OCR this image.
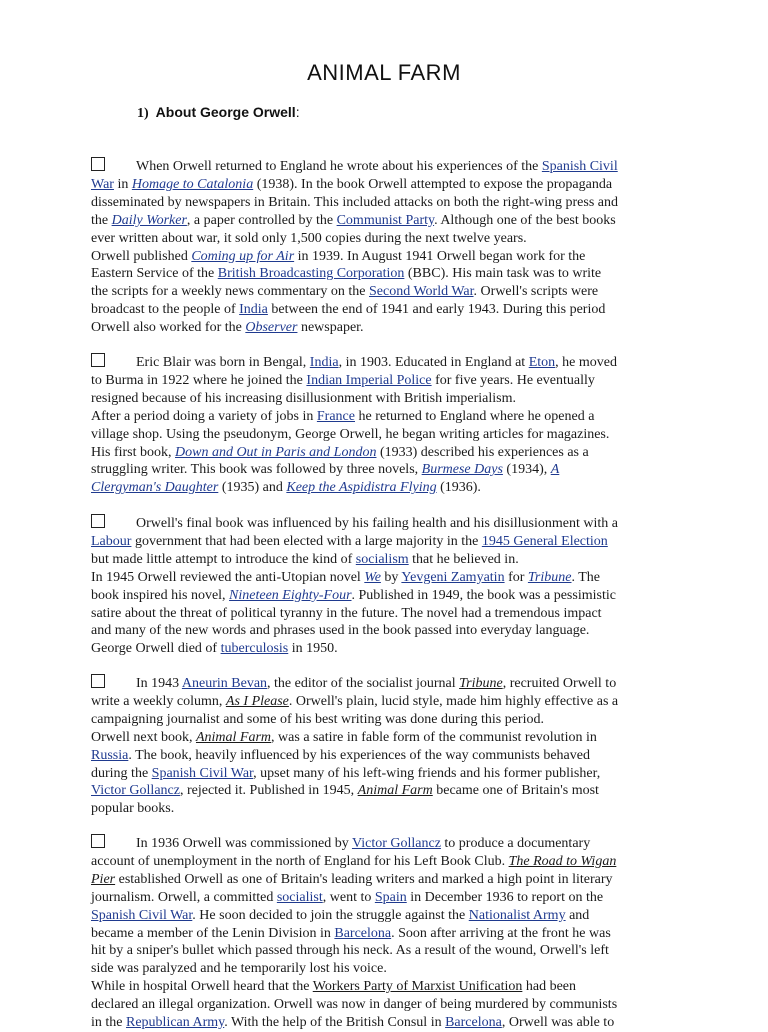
ANIMAL FARM
1) About George Orwell:
When Orwell returned to England he wrote about his experiences of the Spanish Civil
War in Homage to Catalonia (1938). In the book Orwell attempted to expose the propaganda
disseminated by newspapers in Britain. This included attacks on both the right-wing press and
the Daily Worker, a paper controlled by the Communist Party. Although one of the best books
ever written about war, it sold only 1,500 copies during the next twelve years.
Orwell published Coming up for Air in 1939. In August 1941 Orwell began work for the
Eastern Service of the British Broadcasting Corporation (BBC). His main task was to write
the scripts for a weekly news commentary on the Second World War. Orwell's scripts were
broadcast to the people of India between the end of 1941 and early 1943. During this period
Orwell also worked for the Observer newspaper.
Eric Blair was born in Bengal, India, in 1903. Educated in England at Eton, he moved
to Burma in 1922 where he joined the Indian Imperial Police for five years. He eventually
resigned because of his increasing disillusionment with British imperialism.
After a period doing a variety of jobs in France he returned to England where he opened a
village shop. Using the pseudonym, George Orwell, he began writing articles for magazines.
His first book, Down and Out in Paris and London (1933) described his experiences as a
struggling writer. This book was followed by three novels, Burmese Days (1934), A
Clergyman's Daughter (1935) and Keep the Aspidistra Flying (1936).
Orwell's final book was influenced by his failing health and his disillusionment with a
Labour government that had been elected with a large majority in the 1945 General Election
but made little attempt to introduce the kind of socialism that he believed in.
In 1945 Orwell reviewed the anti-Utopian novel We by Yevgeni Zamyatin for Tribune. The
book inspired his novel, Nineteen Eighty-Four. Published in 1949, the book was a pessimistic
satire about the threat of political tyranny in the future. The novel had a tremendous impact
and many of the new words and phrases used in the book passed into everyday language.
George Orwell died of tuberculosis in 1950.
In 1943 Aneurin Bevan, the editor of the socialist journal Tribune, recruited Orwell to
write a weekly column, As I Please. Orwell's plain, lucid style, made him highly effective as a
campaigning journalist and some of his best writing was done during this period.
Orwell next book, Animal Farm, was a satire in fable form of the communist revolution in
Russia. The book, heavily influenced by his experiences of the way communists behaved
during the Spanish Civil War, upset many of his left-wing friends and his former publisher,
Victor Gollancz, rejected it. Published in 1945, Animal Farm became one of Britain's most
popular books.
In 1936 Orwell was commissioned by Victor Gollancz to produce a documentary
account of unemployment in the north of England for his Left Book Club. The Road to Wigan
Pier established Orwell as one of Britain's leading writers and marked a high point in literary
journalism. Orwell, a committed socialist, went to Spain in December 1936 to report on the
Spanish Civil War. He soon decided to join the struggle against the Nationalist Army and
became a member of the Lenin Division in Barcelona. Soon after arriving at the front he was
hit by a sniper's bullet which passed through his neck. As a result of the wound, Orwell's left
side was paralyzed and he temporarily lost his voice.
While in hospital Orwell heard that the Workers Party of Marxist Unification had been
declared an illegal organization. Orwell was now in danger of being murdered by communists
in the Republican Army. With the help of the British Consul in Barcelona, Orwell was able to
